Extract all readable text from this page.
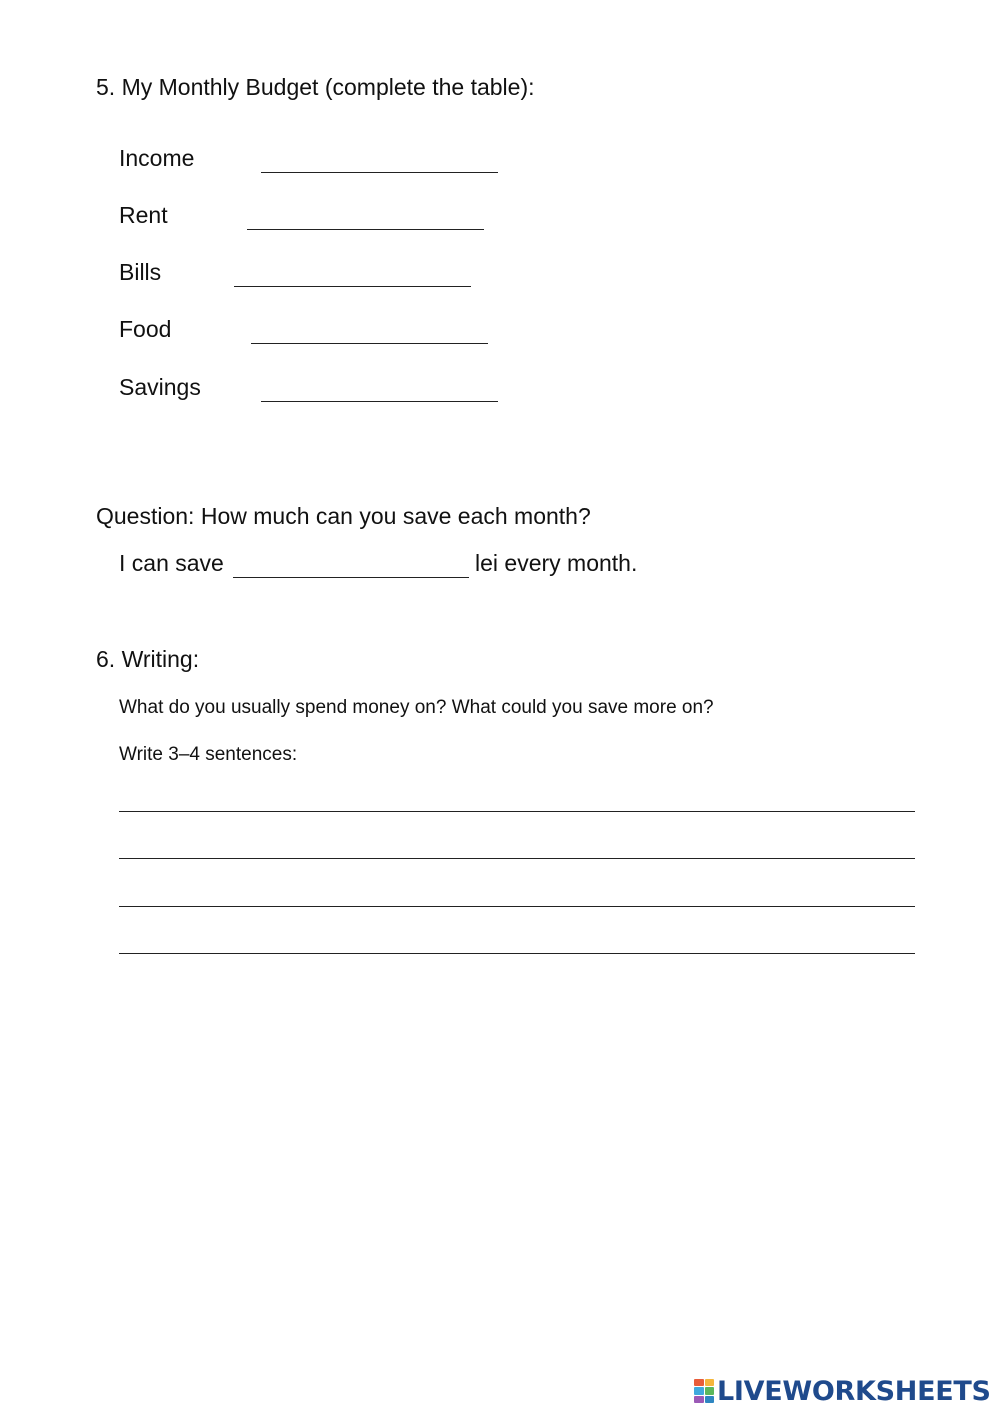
5. My Monthly Budget (complete the table):
Income
Rent
Bills
Food
Savings
Question: How much can you save each month?
I can save	lei every month.
6. Writing:
What do you usually spend money on? What could you save more on?
Write 3–4 sentences:
LIVEWORKSHEETS
